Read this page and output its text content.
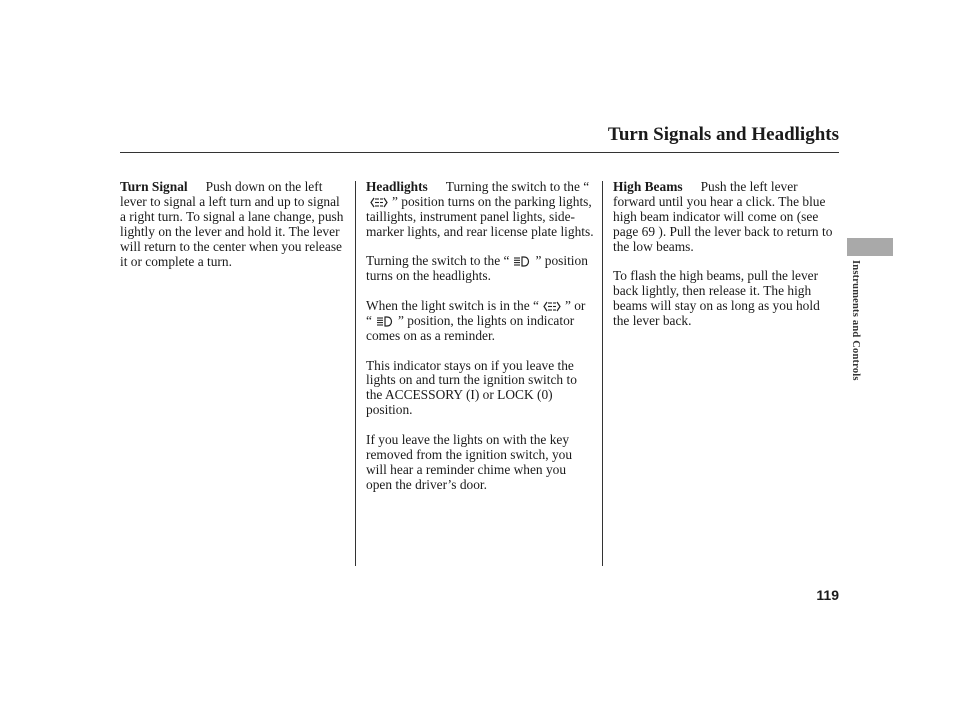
Turn Signals and Headlights

Turn Signal Push down on the left lever to signal a left turn and up to signal a right turn. To signal a lane change, push lightly on the lever and hold it. The lever will return to the center when you release it or complete a turn.

Headlights Turning the switch to the “
” position turns on the parking lights, taillights, instrument panel lights, side-marker lights, and rear license plate lights.

Turning the switch to the “ ” position turns on the headlights.

When the light switch is in the “ ” or “ ” position, the lights on indicator comes on as a reminder.

This indicator stays on if you leave the lights on and turn the ignition switch to the ACCESSORY (I) or LOCK (0) position.

If you leave the lights on with the key removed from the ignition switch, you will hear a reminder chime when you open the driver’s door.

High Beams Push the left lever forward until you hear a click. The blue high beam indicator will come on (see page 69 ). Pull the lever back to return to the low beams.

To flash the high beams, pull the lever back lightly, then release it. The high beams will stay on as long as you hold the lever back.	Instruments and Controls
119
